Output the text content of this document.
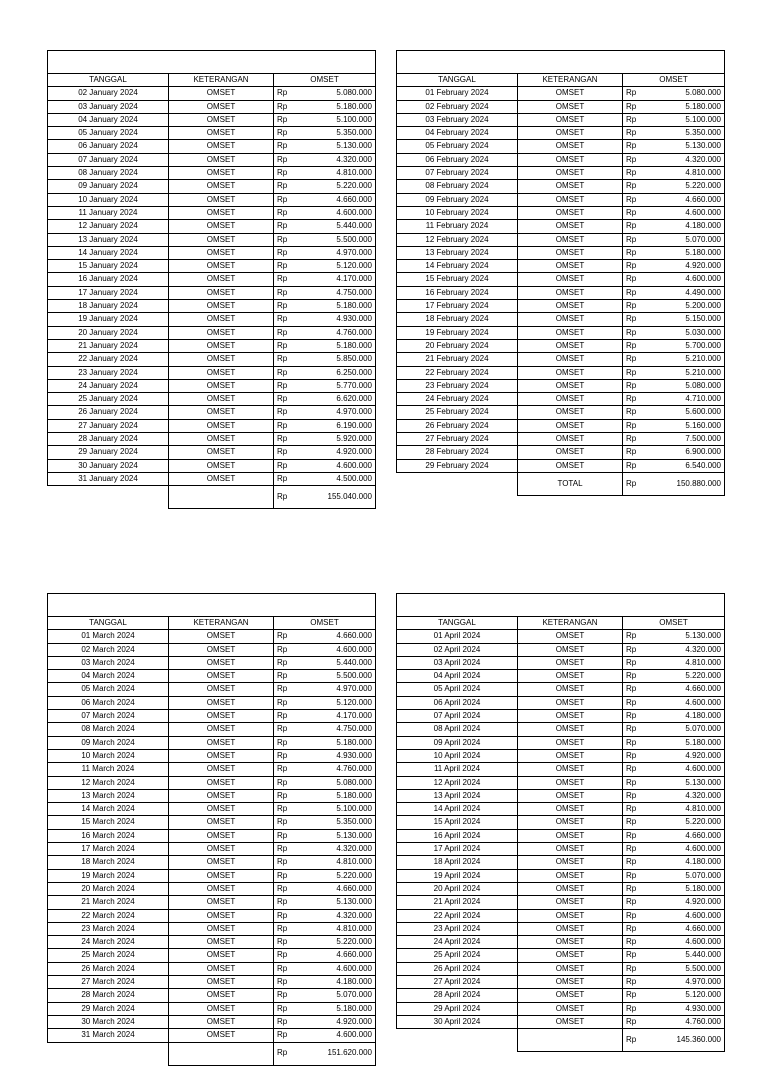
TANGGAL	KETERANGAN	OMSET
02 January 2024	OMSET	Rp 5.080.000

03 January 2024	OMSET	Rp 5.180.000

04 January 2024	OMSET	Rp 5.100.000

05 January 2024	OMSET	Rp 5.350.000

06 January 2024	OMSET	Rp 5.130.000

07 January 2024	OMSET	Rp 4.320.000

08 January 2024	OMSET	Rp 4.810.000

09 January 2024	OMSET	Rp 5.220.000

10 January 2024	OMSET	Rp 4.660.000

11 January 2024	OMSET	Rp 4.600.000

12 January 2024	OMSET	Rp 5.440.000

13 January 2024	OMSET	Rp 5.500.000

14 January 2024	OMSET	Rp 4.970.000

15 January 2024	OMSET	Rp 5.120.000

16 January 2024	OMSET	Rp 4.170.000

17 January 2024	OMSET	Rp 4.750.000

18 January 2024	OMSET	Rp 5.180.000

19 January 2024	OMSET	Rp 4.930.000

20 January 2024	OMSET	Rp 4.760.000

21 January 2024	OMSET	Rp 5.180.000

22 January 2024	OMSET	Rp 5.850.000

23 January 2024	OMSET	Rp 6.250.000

24 January 2024	OMSET	Rp 5.770.000

25 January 2024	OMSET	Rp 6.620.000

26 January 2024	OMSET	Rp 4.970.000

27 January 2024	OMSET	Rp 6.190.000

28 January 2024	OMSET	Rp 5.920.000

29 January 2024	OMSET	Rp 4.920.000

30 January 2024	OMSET	Rp 4.600.000

31 January 2024	OMSET	Rp 4.500.000

		Rp 155.040.000

TANGGAL	KETERANGAN	OMSET
01 February 2024	OMSET	Rp 5.080.000

02 February 2024	OMSET	Rp 5.180.000

03 February 2024	OMSET	Rp 5.100.000

04 February 2024	OMSET	Rp 5.350.000

05 February 2024	OMSET	Rp 5.130.000

06 February 2024	OMSET	Rp 4.320.000

07 February 2024	OMSET	Rp 4.810.000

08 February 2024	OMSET	Rp 5.220.000

09 February 2024	OMSET	Rp 4.660.000

10 February 2024	OMSET	Rp 4.600.000

11 February 2024	OMSET	Rp 4.180.000

12 February 2024	OMSET	Rp 5.070.000

13 February 2024	OMSET	Rp 5.180.000

14 February 2024	OMSET	Rp 4.920.000

15 February 2024	OMSET	Rp 4.600.000

16 February 2024	OMSET	Rp 4.490.000

17 February 2024	OMSET	Rp 5.200.000

18 February 2024	OMSET	Rp 5.150.000

19 February 2024	OMSET	Rp 5.030.000

20 February 2024	OMSET	Rp 5.700.000

21 February 2024	OMSET	Rp 5.210.000

22 February 2024	OMSET	Rp 5.210.000

23 February 2024	OMSET	Rp 5.080.000

24 February 2024	OMSET	Rp 4.710.000

25 February 2024	OMSET	Rp 5.600.000

26 February 2024	OMSET	Rp 5.160.000

27 February 2024	OMSET	Rp 7.500.000

28 February 2024	OMSET	Rp 6.900.000

29 February 2024	OMSET	Rp 6.540.000

	TOTAL	Rp 150.880.000

TANGGAL	KETERANGAN	OMSET
01 March 2024	OMSET	Rp 4.660.000

02 March 2024	OMSET	Rp 4.600.000

03 March 2024	OMSET	Rp 5.440.000

04 March 2024	OMSET	Rp 5.500.000

05 March 2024	OMSET	Rp 4.970.000

06 March 2024	OMSET	Rp 5.120.000

07 March 2024	OMSET	Rp 4.170.000

08 March 2024	OMSET	Rp 4.750.000

09 March 2024	OMSET	Rp 5.180.000

10 March 2024	OMSET	Rp 4.930.000

11 March 2024	OMSET	Rp 4.760.000

12 March 2024	OMSET	Rp 5.080.000

13 March 2024	OMSET	Rp 5.180.000

14 March 2024	OMSET	Rp 5.100.000

15 March 2024	OMSET	Rp 5.350.000

16 March 2024	OMSET	Rp 5.130.000

17 March 2024	OMSET	Rp 4.320.000

18 March 2024	OMSET	Rp 4.810.000

19 March 2024	OMSET	Rp 5.220.000

20 March 2024	OMSET	Rp 4.660.000

21 March 2024	OMSET	Rp 5.130.000

22 March 2024	OMSET	Rp 4.320.000

23 March 2024	OMSET	Rp 4.810.000

24 March 2024	OMSET	Rp 5.220.000

25 March 2024	OMSET	Rp 4.660.000

26 March 2024	OMSET	Rp 4.600.000

27 March 2024	OMSET	Rp 4.180.000

28 March 2024	OMSET	Rp 5.070.000

29 March 2024	OMSET	Rp 5.180.000

30 March 2024	OMSET	Rp 4.920.000

31 March 2024	OMSET	Rp 4.600.000

		Rp 151.620.000

TANGGAL	KETERANGAN	OMSET
01 April 2024	OMSET	Rp 5.130.000

02 April 2024	OMSET	Rp 4.320.000

03 April 2024	OMSET	Rp 4.810.000

04 April 2024	OMSET	Rp 5.220.000

05 April 2024	OMSET	Rp 4.660.000

06 April 2024	OMSET	Rp 4.600.000

07 April 2024	OMSET	Rp 4.180.000

08 April 2024	OMSET	Rp 5.070.000

09 April 2024	OMSET	Rp 5.180.000

10 April 2024	OMSET	Rp 4.920.000

11 April 2024	OMSET	Rp 4.600.000

12 April 2024	OMSET	Rp 5.130.000

13 April 2024	OMSET	Rp 4.320.000

14 April 2024	OMSET	Rp 4.810.000

15 April 2024	OMSET	Rp 5.220.000

16 April 2024	OMSET	Rp 4.660.000

17 April 2024	OMSET	Rp 4.600.000

18 April 2024	OMSET	Rp 4.180.000

19 April 2024	OMSET	Rp 5.070.000

20 April 2024	OMSET	Rp 5.180.000

21 April 2024	OMSET	Rp 4.920.000

22 April 2024	OMSET	Rp 4.600.000

23 April 2024	OMSET	Rp 4.660.000

24 April 2024	OMSET	Rp 4.600.000

25 April 2024	OMSET	Rp 5.440.000

26 April 2024	OMSET	Rp 5.500.000

27 April 2024	OMSET	Rp 4.970.000

28 April 2024	OMSET	Rp 5.120.000

29 April 2024	OMSET	Rp 4.930.000

30 April 2024	OMSET	Rp 4.760.000

		Rp 145.360.000
